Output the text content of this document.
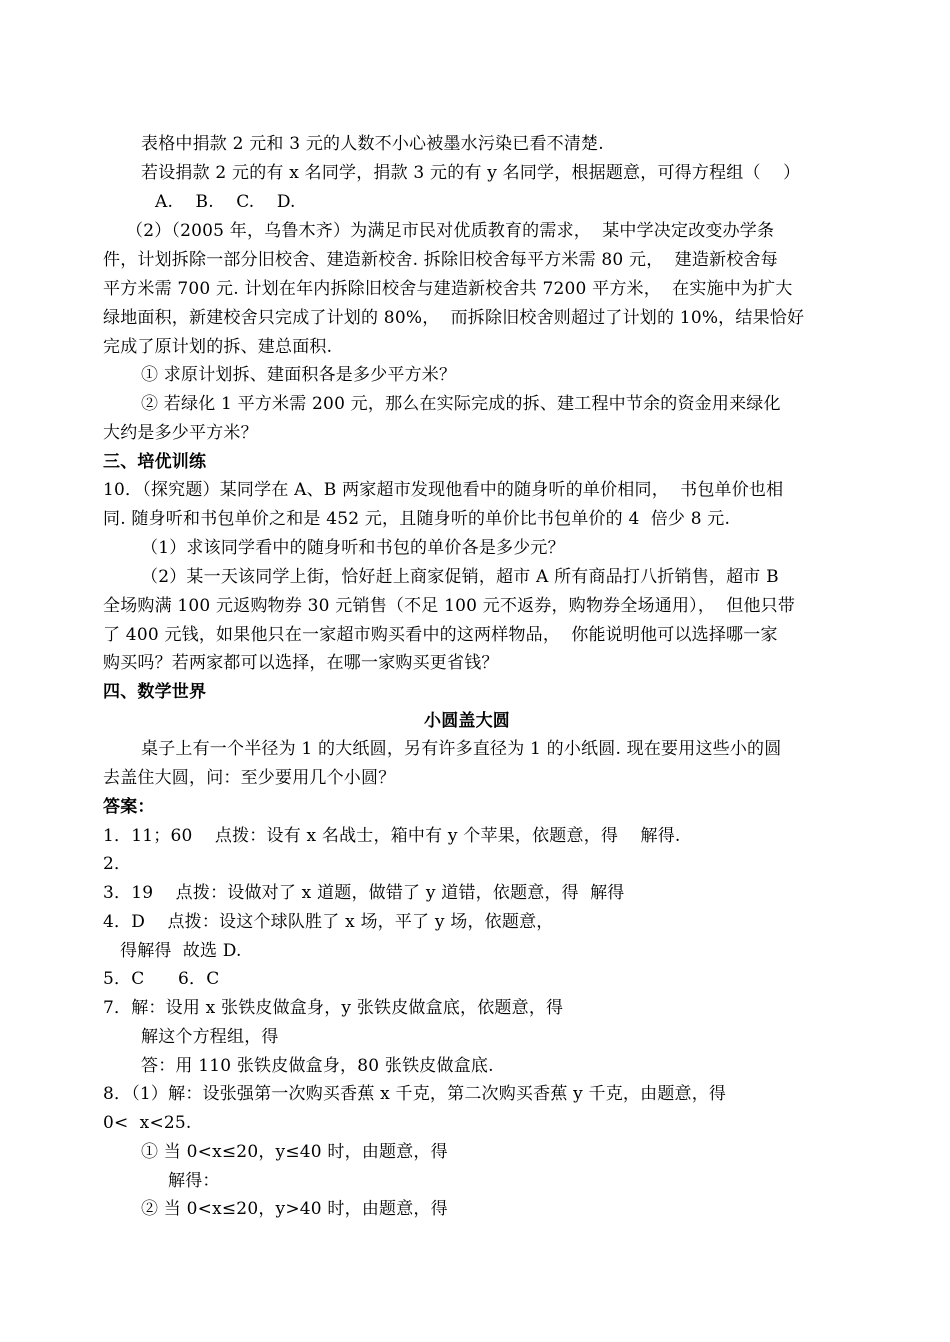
表格中捐款 2 元和 3 元的人数不小心被墨水污染已看不清楚.
若设捐款 2 元的有 x 名同学，捐款 3 元的有 y 名同学，根据题意，可得方程组（    ）
A.    B.    C.    D.
（2）（2005 年，乌鲁木齐）为满足市民对优质教育的需求，  某中学决定改变办学条
件，计划拆除一部分旧校舍、建造新校舍. 拆除旧校舍每平方米需 80 元，  建造新校舍每
平方米需 700 元. 计划在年内拆除旧校舍与建造新校舍共 7200 平方米，  在实施中为扩大
绿地面积，新建校舍只完成了计划的 80%，  而拆除旧校舍则超过了计划的 10%，结果恰好
完成了原计划的拆、建总面积.
① 求原计划拆、建面积各是多少平方米？
② 若绿化 1 平方米需 200 元，那么在实际完成的拆、建工程中节余的资金用来绿化
大约是多少平方米？
三、培优训练
10．（探究题）某同学在 A、B 两家超市发现他看中的随身听的单价相同，  书包单价也相
同. 随身听和书包单价之和是 452 元，且随身听的单价比书包单价的 4  倍少 8 元.
（1）求该同学看中的随身听和书包的单价各是多少元？
（2）某一天该同学上街，恰好赶上商家促销，超市 A 所有商品打八折销售，超市 B
全场购满 100 元返购物券 30 元销售（不足 100 元不返券，购物券全场通用），  但他只带
了 400 元钱，如果他只在一家超市购买看中的这两样物品，  你能说明他可以选择哪一家
购买吗？若两家都可以选择，在哪一家购买更省钱？
四、数学世界
小圆盖大圆
桌子上有一个半径为 1 的大纸圆，另有许多直径为 1 的小纸圆. 现在要用这些小的圆
去盖住大圆，问：至少要用几个小圆？
答案：
1．11；60    点拨：设有 x 名战士，箱中有 y 个苹果，依题意，得    解得.
2．
3．19    点拨：设做对了 x 道题，做错了 y 道错，依题意，得  解得
4．D    点拨：设这个球队胜了 x 场，平了 y 场，依题意，
得解得  故选 D.
5．C      6．C
7．解：设用 x 张铁皮做盒身，y 张铁皮做盒底，依题意，得
解这个方程组，得
答：用 110 张铁皮做盒身，80 张铁皮做盒底.
8．（1）解：设张强第一次购买香蕉 x 千克，第二次购买香蕉 y 千克，由题意，得
0<  x<25.
① 当 0<x≤20，y≤40 时，由题意，得
解得：
② 当 0<x≤20，y>40 时，由题意，得
